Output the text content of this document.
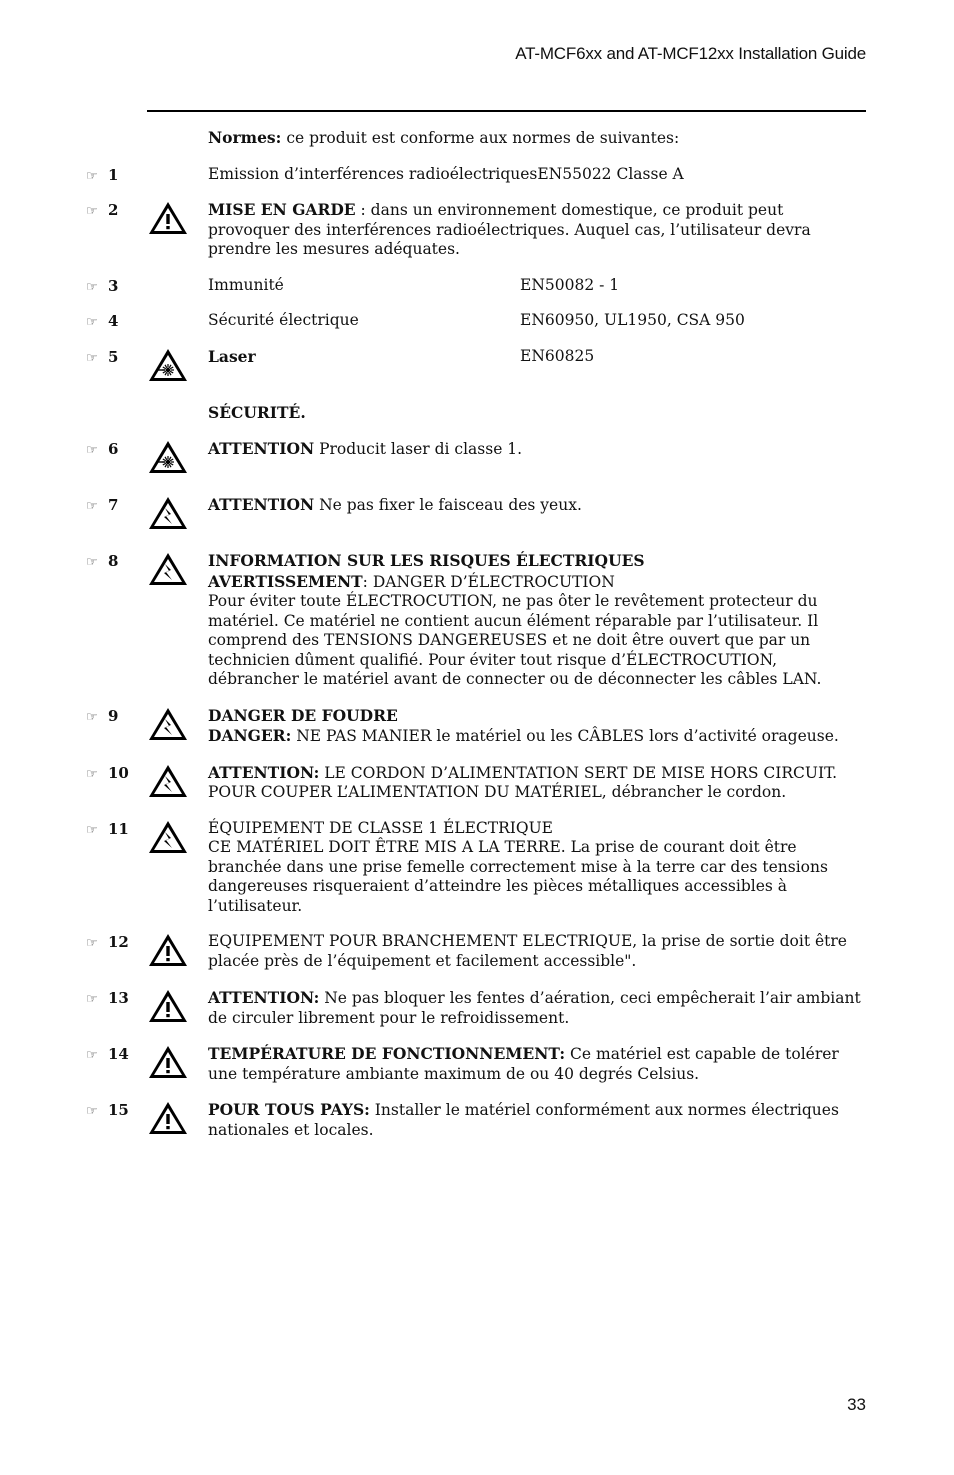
AT-MCF6xx and AT-MCF12xx Installation Guide
Normes: ce produit est conforme aux normes de suivantes:
☞ 1	Emission d’interférences radioélectriquesEN55022 Classe A
☞ 2	MISE EN GARDE : dans un environnement domestique, ce produit peut provoquer des interférences radioélectriques. Auquel cas, l’utilisateur devra prendre les mesures adéquates.
☞ 3	Immunité	EN50082 - 1
☞ 4	Sécurité électrique	EN60950, UL1950, CSA 950
☞ 5	Laser	EN60825
SÉCURITÉ.
☞ 6	ATTENTION Producit laser di classe 1.
☞ 7	ATTENTION Ne pas fixer le faisceau des yeux.
☞ 8	INFORMATION SUR LES RISQUES ÉLECTRIQUES
AVERTISSEMENT: DANGER D’ÉLECTROCUTION
Pour éviter toute ÉLECTROCUTION, ne pas ôter le revêtement protecteur du matériel. Ce matériel ne contient aucun élément réparable par l’utilisateur. Il comprend des TENSIONS DANGEREUSES et ne doit être ouvert que par un technicien dûment qualifié. Pour éviter tout risque d’ÉLECTROCUTION, débrancher le matériel avant de connecter ou de déconnecter les câbles LAN.
☞ 9	DANGER DE FOUDRE
DANGER: NE PAS MANIER le matériel ou les CÂBLES lors d’activité orageuse.
☞ 10	ATTENTION: LE CORDON D’ALIMENTATION SERT DE MISE HORS CIRCUIT. POUR COUPER L’ALIMENTATION DU MATÉRIEL, débrancher le cordon.
☞ 11	ÉQUIPEMENT DE CLASSE 1 ÉLECTRIQUE
CE MATÉRIEL DOIT ÊTRE MIS A LA TERRE. La prise de courant doit être branchée dans une prise femelle correctement mise à la terre car des tensions dangereuses risqueraient d’atteindre les pièces métalliques accessibles à l’utilisateur.
☞ 12	EQUIPEMENT POUR BRANCHEMENT ELECTRIQUE, la prise de sortie doit être placée près de l’équipement et facilement accessible".
☞ 13	ATTENTION: Ne pas bloquer les fentes d’aération, ceci empêcherait l’air ambiant de circuler librement pour le refroidissement.
☞ 14	TEMPÉRATURE DE FONCTIONNEMENT: Ce matériel est capable de tolérer une température ambiante maximum de ou 40 degrés Celsius.
☞ 15	POUR TOUS PAYS: Installer le matériel conformément aux normes électriques nationales et locales.
33
